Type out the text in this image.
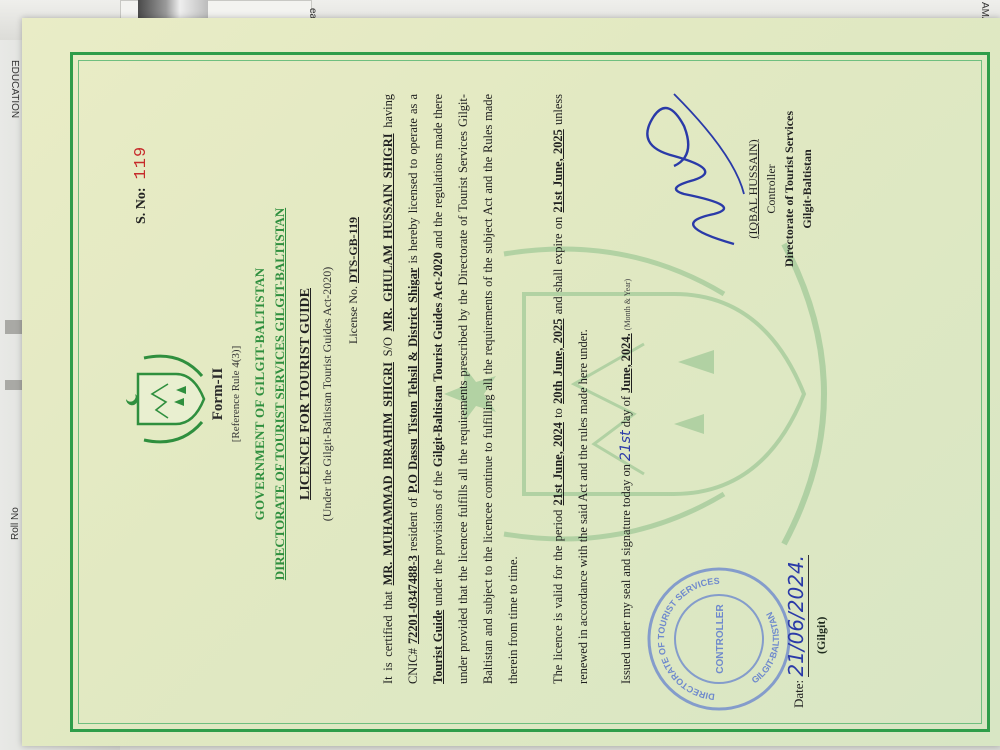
EDUCATION
Roll No
S. No:119
Form-II [Reference Rule 4(3)] GOVERNMENT OF GILGIT-BALTISTAN DIRECTORATE OF TOURIST SERVICES GILGIT-BALTISTAN LICENCE FOR TOURIST GUIDE (Under the Gilgit-Baltistan Tourist Guides Act-2020) License No. DTS-GB-119
It is certified that MR. MUHAMMAD IBRAHIM SHIGRI S/O MR. GHULAM HUSSAIN SHIGRI having CNIC# 72201-0347488-3 resident of P.O Dassu Tiston Tehsil & District Shigar is hereby licensed to operate as a Tourist Guide under the provisions of the Gilgit-Baltistan Tourist Guides Act-2020 and the regulations made there under provided that the licencee fulfills all the requirements prescribed by the Directorate of Tourist Services Gilgit-Baltistan and subject to the licencee continue to fulfilling all the requirements of the subject Act and the Rules made therein from time to time.	The licence is valid for the period 21st June, 2024 to 20th June, 2025 and shall expire on 21st June, 2025 unless renewed in accordance with the said Act and the rules made here under.	Issued under my seal and signature today on 21st day of June, 2024. (Month & Year)
(IQBAL HUSSAIN) Controller Directorate of Tourist Services Gilgit-Baltistan
DIRECTORATE OF TOURIST SERVICES
GILGIT-BALTISTAN
CONTROLLER
Date: 21/06/2024. (Gilgit)
